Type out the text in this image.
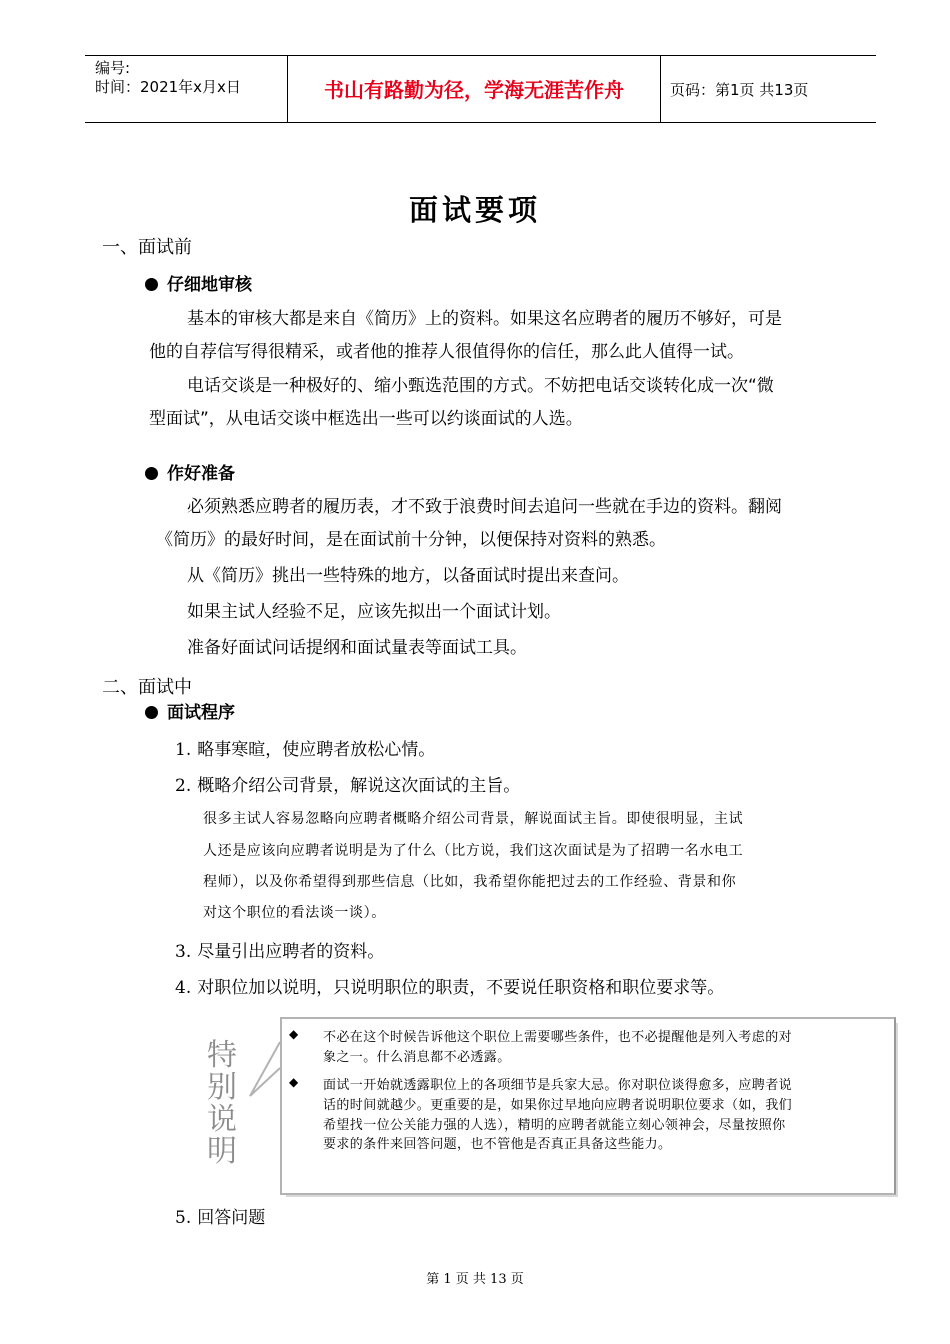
编号:
时间：2021年x月x日	书山有路勤为径，学海无涯苦作舟	页码：第1页 共13页
面试要项
一、面试前
仔细地审核
基本的审核大都是来自《简历》上的资料。如果这名应聘者的履历不够好，可是
他的自荐信写得很精采，或者他的推荐人很值得你的信任，那么此人值得一试。
电话交谈是一种极好的、缩小甄选范围的方式。不妨把电话交谈转化成一次“微
型面试”，从电话交谈中框选出一些可以约谈面试的人选。
作好准备
必须熟悉应聘者的履历表，才不致于浪费时间去追问一些就在手边的资料。翻阅
《简历》的最好时间，是在面试前十分钟，以便保持对资料的熟悉。
从《简历》挑出一些特殊的地方，以备面试时提出来查问。
如果主试人经验不足，应该先拟出一个面试计划。
准备好面试问话提纲和面试量表等面试工具。
二、面试中
面试程序
1. 略事寒暄，使应聘者放松心情。
2. 概略介绍公司背景，解说这次面试的主旨。
很多主试人容易忽略向应聘者概略介绍公司背景，解说面试主旨。即使很明显，主试
人还是应该向应聘者说明是为了什么（比方说，我们这次面试是为了招聘一名水电工
程师），以及你希望得到那些信息（比如，我希望你能把过去的工作经验、背景和你
对这个职位的看法谈一谈）。
3. 尽量引出应聘者的资料。
4. 对职位加以说明，只说明职位的职责，不要说任职资格和职位要求等。
特
别
说
明
◆ 不必在这个时候告诉他这个职位上需要哪些条件，也不必提醒他是列入考虑的对
象之一。什么消息都不必透露。
◆ 面试一开始就透露职位上的各项细节是兵家大忌。你对职位谈得愈多，应聘者说
话的时间就越少。更重要的是，如果你过早地向应聘者说明职位要求（如，我们
希望找一位公关能力强的人选），精明的应聘者就能立刻心领神会，尽量按照你
要求的条件来回答问题，也不管他是否真正具备这些能力。
5. 回答问题
第 1 页 共 13 页
